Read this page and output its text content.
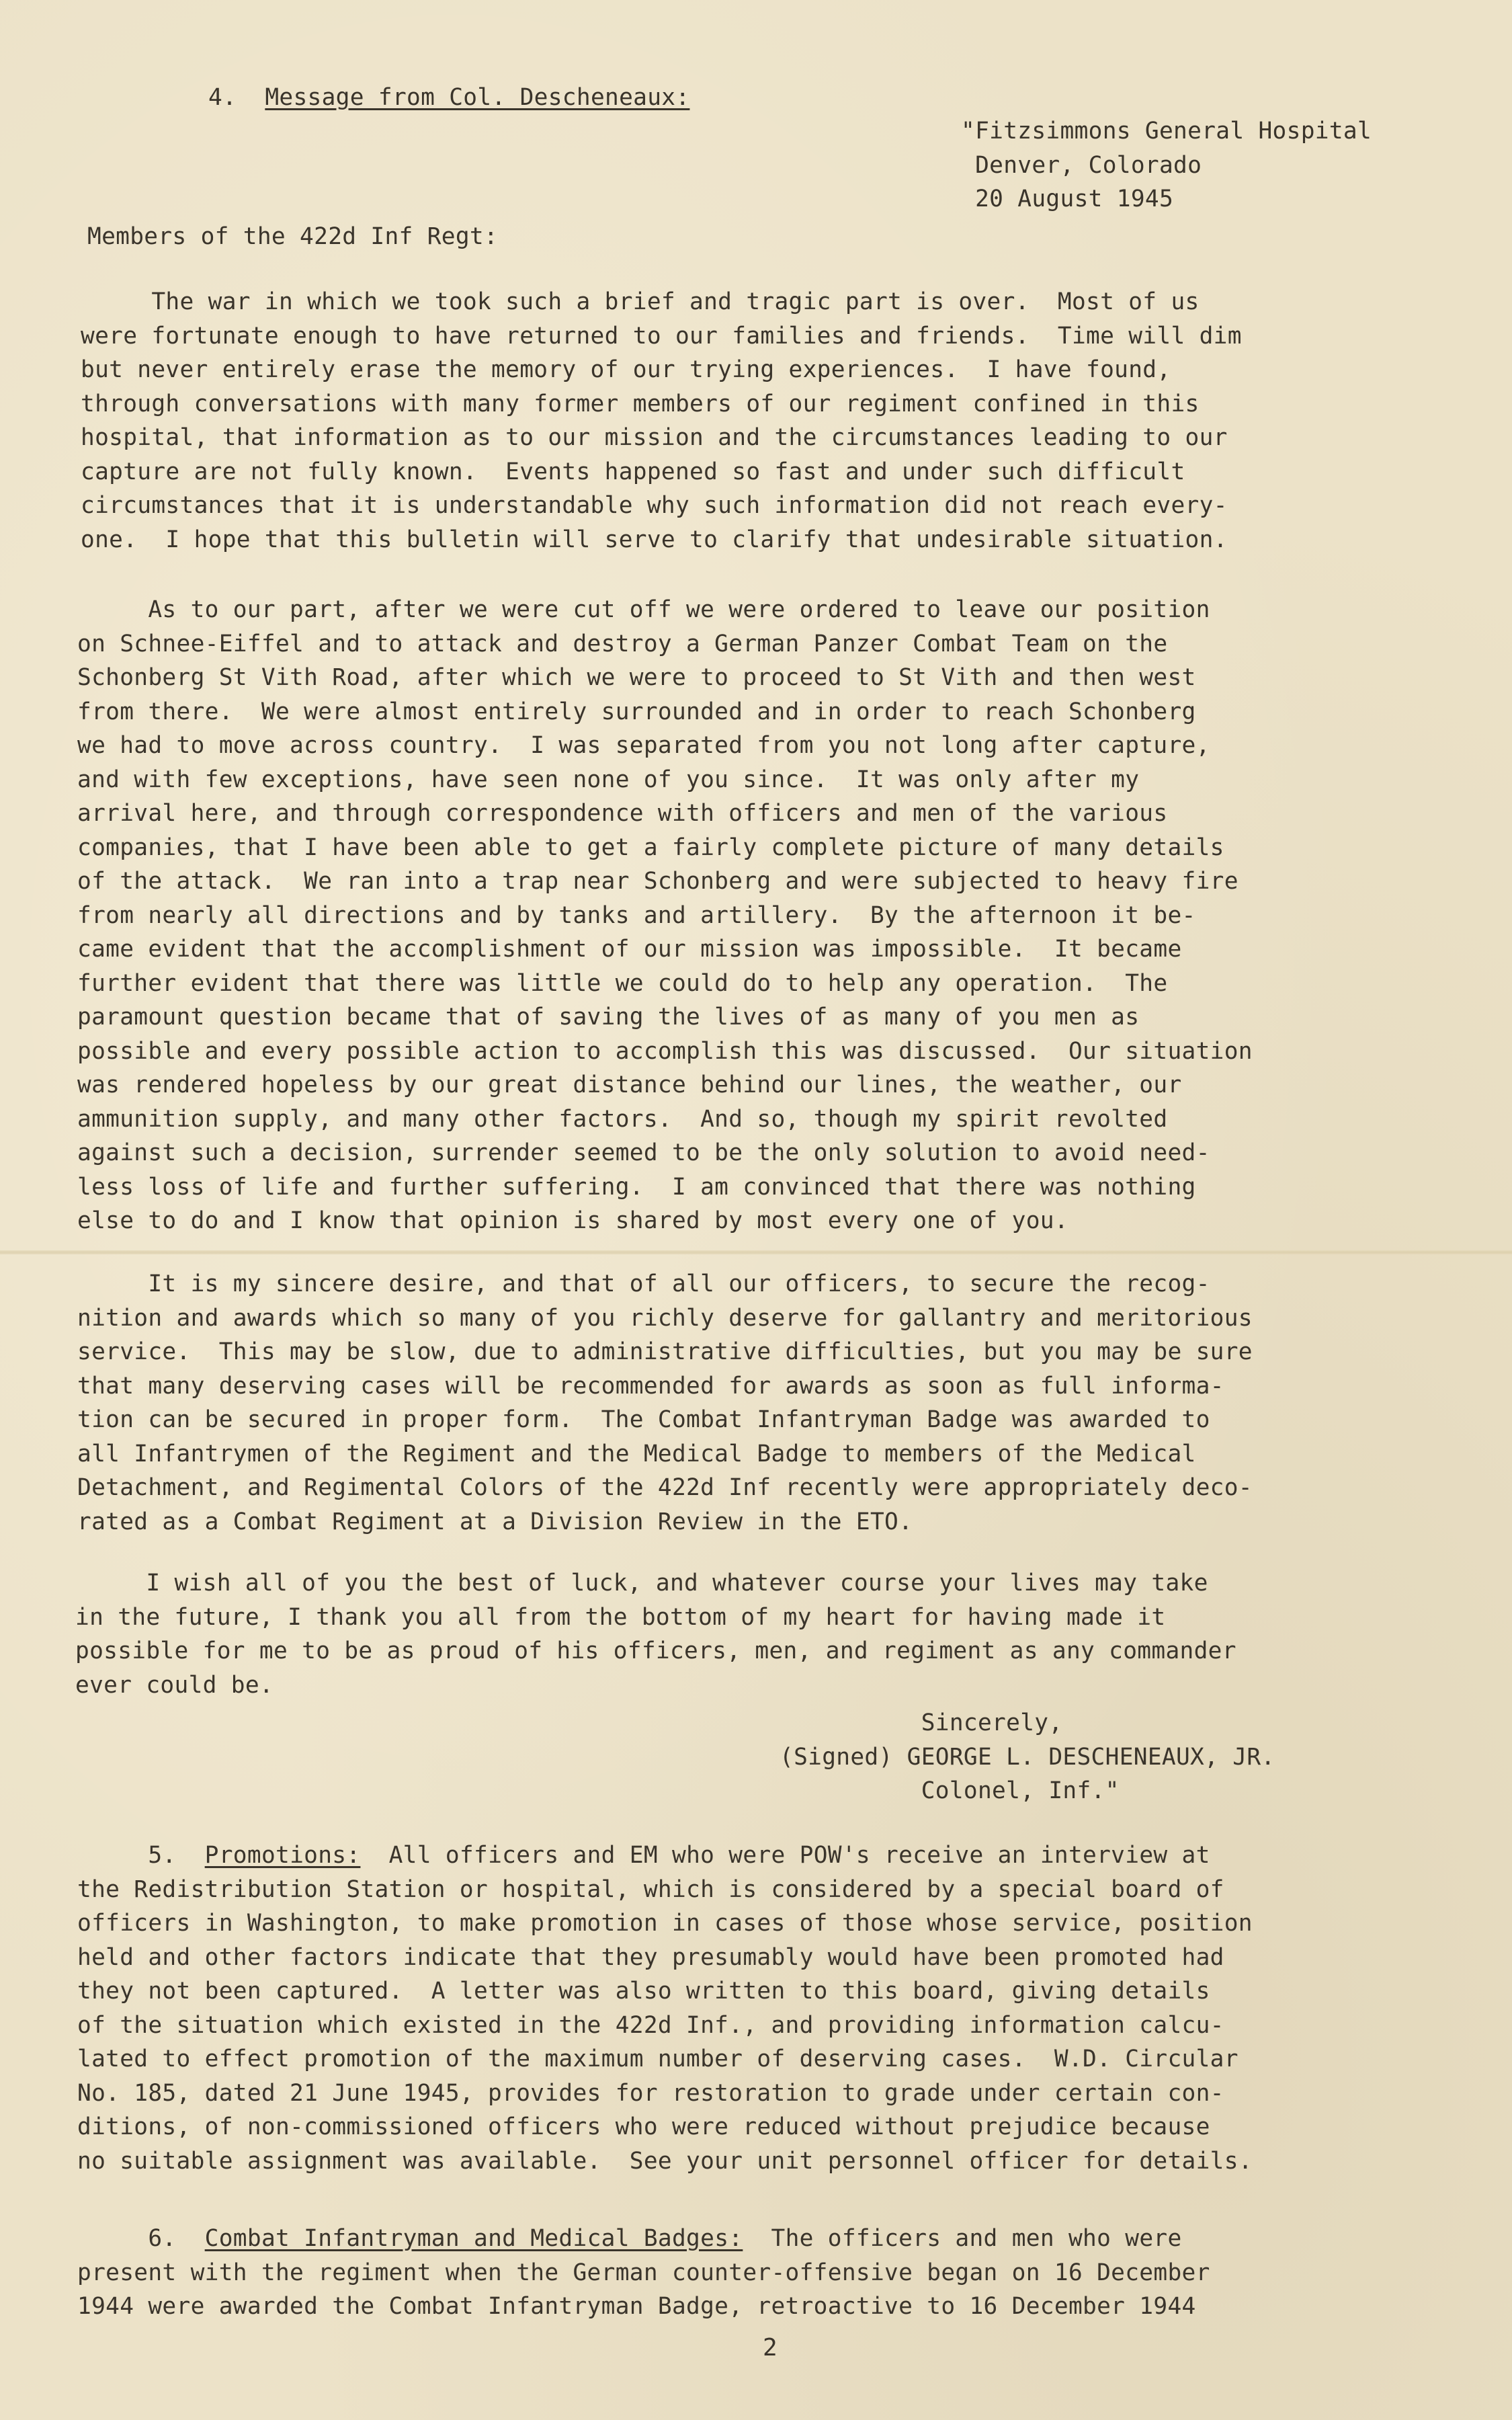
4. Message from Col. Descheneaux:

"Fitzsimmons General Hospital
Denver, Colorado
20 August 1945

Members of the 422d Inf Regt:

The war in which we took such a brief and tragic part is over.  Most of us
were fortunate enough to have returned to our families and friends.  Time will dim
but never entirely erase the memory of our trying experiences.  I have found,
through conversations with many former members of our regiment confined in this
hospital, that information as to our mission and the circumstances leading to our
capture are not fully known.  Events happened so fast and under such difficult
circumstances that it is understandable why such information did not reach every-
one.  I hope that this bulletin will serve to clarify that undesirable situation.

As to our part, after we were cut off we were ordered to leave our position
on Schnee-Eiffel and to attack and destroy a German Panzer Combat Team on the
Schonberg St Vith Road, after which we were to proceed to St Vith and then west
from there.  We were almost entirely surrounded and in order to reach Schonberg
we had to move across country.  I was separated from you not long after capture,
and with few exceptions, have seen none of you since.  It was only after my
arrival here, and through correspondence with officers and men of the various
companies, that I have been able to get a fairly complete picture of many details
of the attack.  We ran into a trap near Schonberg and were subjected to heavy fire
from nearly all directions and by tanks and artillery.  By the afternoon it be-
came evident that the accomplishment of our mission was impossible.  It became
further evident that there was little we could do to help any operation.  The
paramount question became that of saving the lives of as many of you men as
possible and every possible action to accomplish this was discussed.  Our situation
was rendered hopeless by our great distance behind our lines, the weather, our
ammunition supply, and many other factors.  And so, though my spirit revolted
against such a decision, surrender seemed to be the only solution to avoid need-
less loss of life and further suffering.  I am convinced that there was nothing
else to do and I know that opinion is shared by most every one of you.

It is my sincere desire, and that of all our officers, to secure the recog-
nition and awards which so many of you richly deserve for gallantry and meritorious
service.  This may be slow, due to administrative difficulties, but you may be sure
that many deserving cases will be recommended for awards as soon as full informa-
tion can be secured in proper form.  The Combat Infantryman Badge was awarded to
all Infantrymen of the Regiment and the Medical Badge to members of the Medical
Detachment, and Regimental Colors of the 422d Inf recently were appropriately deco-
rated as a Combat Regiment at a Division Review in the ETO.

I wish all of you the best of luck, and whatever course your lives may take
in the future, I thank you all from the bottom of my heart for having made it
possible for me to be as proud of his officers, men, and regiment as any commander
ever could be.

Sincerely,
(Signed) GEORGE L. DESCHENEAUX, JR.
Colonel, Inf."

5. Promotions:  All officers and EM who were POW's receive an interview at
the Redistribution Station or hospital, which is considered by a special board of
officers in Washington, to make promotion in cases of those whose service, position
held and other factors indicate that they presumably would have been promoted had
they not been captured.  A letter was also written to this board, giving details
of the situation which existed in the 422d Inf., and providing information calcu-
lated to effect promotion of the maximum number of deserving cases.  W.D. Circular
No. 185, dated 21 June 1945, provides for restoration to grade under certain con-
ditions, of non-commissioned officers who were reduced without prejudice because
no suitable assignment was available.  See your unit personnel officer for details.

6. Combat Infantryman and Medical Badges:  The officers and men who were
present with the regiment when the German counter-offensive began on 16 December
1944 were awarded the Combat Infantryman Badge, retroactive to 16 December 1944

2
